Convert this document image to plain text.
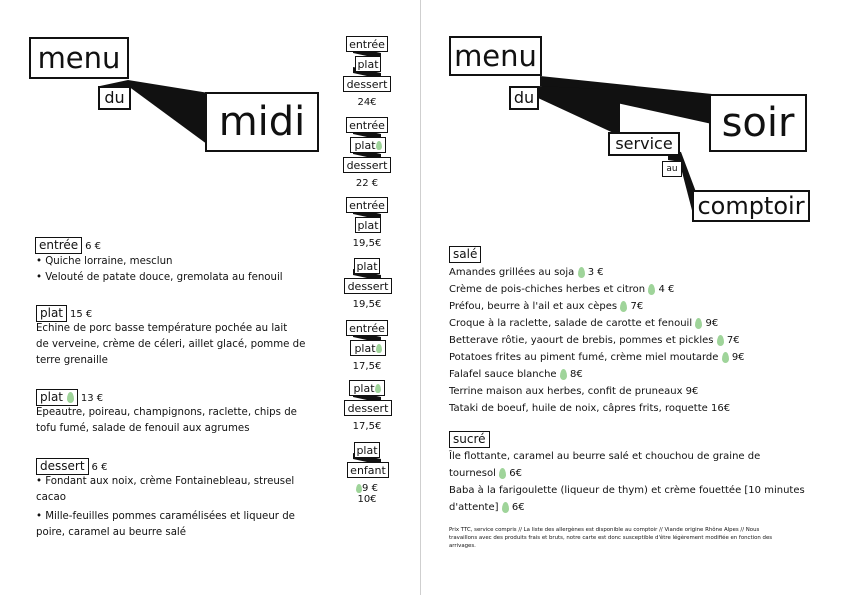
menu
du
midi
entrée
plat
dessert
24€
entrée
plat
dessert
22 €
entrée
plat
19,5€
plat
dessert
19,5€
entrée
plat
17,5€
plat
dessert
17,5€
plat
enfant
9 €
10€
entrée 6 €
• Quiche lorraine, mesclun
• Velouté de patate douce, gremolata au fenouil
plat 15 €
Echine de porc basse température pochée au lait
de verveine, crème de céleri, aillet glacé, pomme de
terre grenaille
plat 13 €
Epeautre, poireau, champignons, raclette, chips de
tofu fumé, salade de fenouil aux agrumes
dessert 6 €
• Fondant aux noix, crème Fontainebleau, streusel
cacao
• Mille-feuilles pommes caramélisées et liqueur de
poire, caramel au beurre salé
menu
du
soir
service
au
comptoir
salé
Amandes grillées au soja 3 €
Crème de pois-chiches herbes et citron 4 €
Préfou, beurre à l'ail et aux cèpes 7€
Croque à la raclette, salade de carotte et fenouil 9€
Betterave rôtie, yaourt de brebis, pommes et pickles 7€
Potatoes frites au piment fumé, crème miel moutarde 9€
Falafel sauce blanche 8€
Terrine maison aux herbes, confit de pruneaux 9€
Tataki de boeuf, huile de noix, câpres frits, roquette 16€
sucré
Île flottante, caramel au beurre salé et chouchou de graine de
tournesol 6€
Baba à la farigoulette (liqueur de thym) et crème fouettée [10 minutes
d'attente] 6€
Prix TTC, service compris // La liste des allergènes est disponible au comptoir // Viande origine Rhône Alpes // Nous
travaillons avec des produits frais et bruts, notre carte est donc susceptible d'être légèrement modifiée en fonction des
arrivages.
